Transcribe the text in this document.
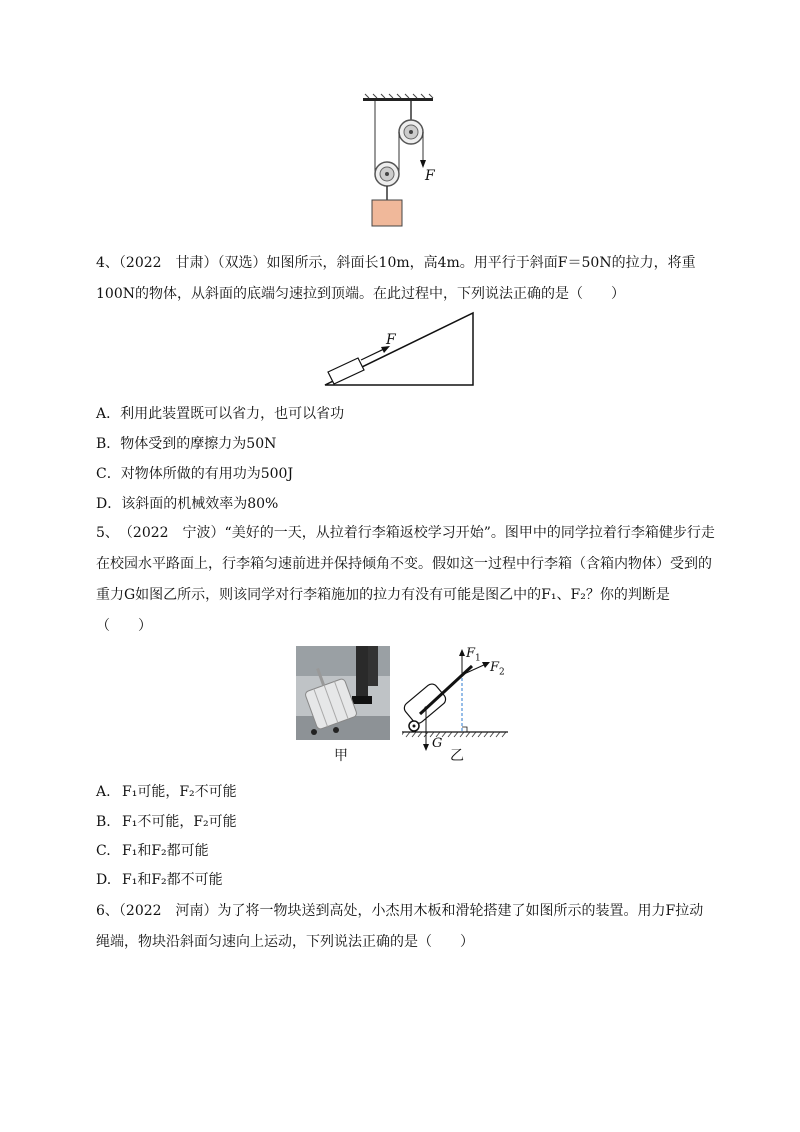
F

4、（2022　甘肃）（双选）如图所示，斜面长10m，高4m。用平行于斜面F＝50N的拉力，将重100N的物体，从斜面的底端匀速拉到顶端。在此过程中，下列说法正确的是（　　）

F

A．利用此装置既可以省力，也可以省功

B．物体受到的摩擦力为50N

C．对物体所做的有用功为500J

D．该斜面的机械效率为80%

5、　（2022　宁波）“美好的一天，从拉着行李箱返校学习开始”。图甲中的同学拉着行李箱健步行走在校园水平路面上，行李箱匀速前进并保持倾角不变。假如这一过程中行李箱（含箱内物体）受到的重力G如图乙所示，则该同学对行李箱施加的拉力有没有可能是图乙中的F₁、F₂？你的判断是（　　）

甲
$F_1$
$F_2$
G
乙

A. F₁可能，F₂不可能

B. F₁不可能，F₂可能

C. F₁和F₂都可能

D. F₁和F₂都不可能

6、（2022　河南）为了将一物块送到高处，小杰用木板和滑轮搭建了如图所示的装置。用力F拉动绳端，物块沿斜面匀速向上运动，下列说法正确的是（　　）
